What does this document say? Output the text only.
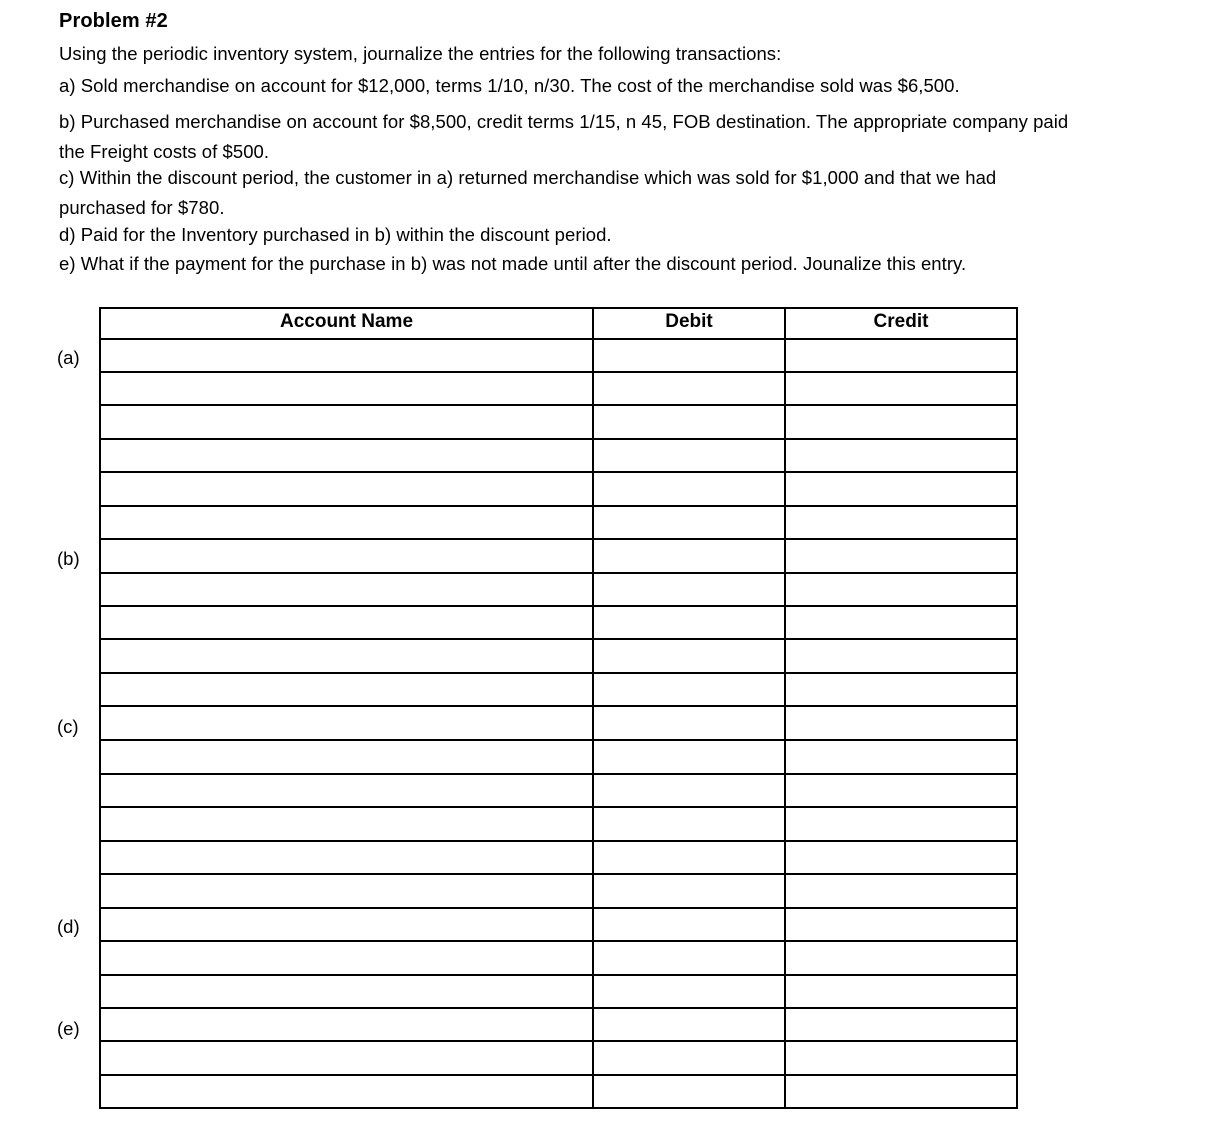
Problem #2
Using the periodic inventory system, journalize the entries for the following transactions:
a) Sold merchandise on account for $12,000, terms 1/10, n/30. The cost of the merchandise sold was $6,500.
b) Purchased merchandise on account for $8,500, credit terms 1/15, n 45, FOB destination. The appropriate company paid
the Freight costs of $500.
c) Within the discount period, the customer in a) returned merchandise which was sold for $1,000 and that we had
purchased for $780.
d) Paid for the Inventory purchased in b) within the discount period.
e) What if the payment for the purchase in b) was not made until after the discount period. Jounalize this entry.
(a)
(b)
(c)
(d)
(e)
Account Name	Debit	Credit
